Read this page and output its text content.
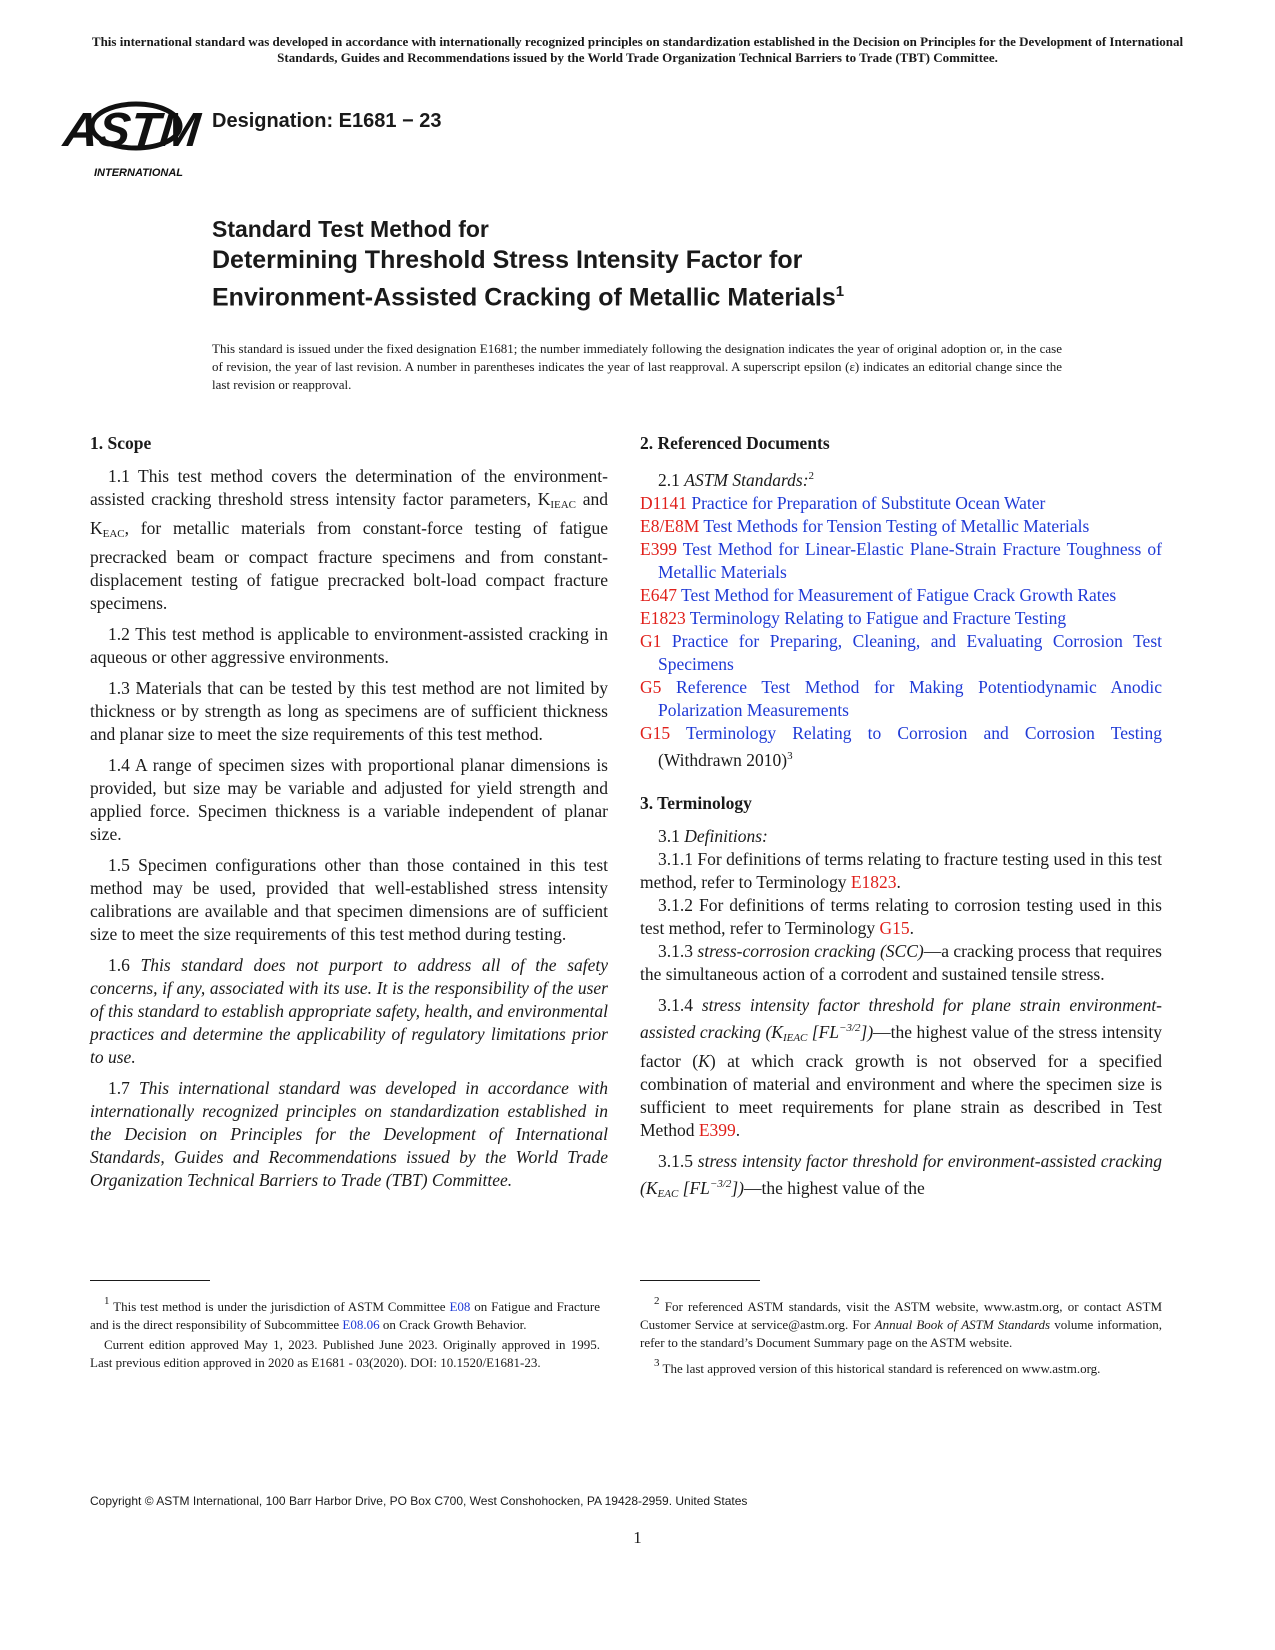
This international standard was developed in accordance with internationally recognized principles on standardization established in the Decision on Principles for the Development of International Standards, Guides and Recommendations issued by the World Trade Organization Technical Barriers to Trade (TBT) Committee.
ASTM
INTERNATIONAL
Designation: E1681 − 23
Standard Test Method for
Determining Threshold Stress Intensity Factor for
Environment-Assisted Cracking of Metallic Materials$^1$
This standard is issued under the fixed designation E1681; the number immediately following the designation indicates the year of original adoption or, in the case of revision, the year of last revision. A number in parentheses indicates the year of last reapproval. A superscript epsilon (ε) indicates an editorial change since the last revision or reapproval.
1. Scope

1.1 This test method covers the determination of the environment-assisted cracking threshold stress intensity factor parameters, $K_{IEAC}$ and $K_{EAC}$, for metallic materials from constant-force testing of fatigue precracked beam or compact fracture specimens and from constant-displacement testing of fatigue precracked bolt-load compact fracture specimens.

1.2 This test method is applicable to environment-assisted cracking in aqueous or other aggressive environments.

1.3 Materials that can be tested by this test method are not limited by thickness or by strength as long as specimens are of sufficient thickness and planar size to meet the size requirements of this test method.

1.4 A range of specimen sizes with proportional planar dimensions is provided, but size may be variable and adjusted for yield strength and applied force. Specimen thickness is a variable independent of planar size.

1.5 Specimen configurations other than those contained in this test method may be used, provided that well-established stress intensity calibrations are available and that specimen dimensions are of sufficient size to meet the size requirements of this test method during testing.

1.6 This standard does not purport to address all of the safety concerns, if any, associated with its use. It is the responsibility of the user of this standard to establish appropriate safety, health, and environmental practices and determine the applicability of regulatory limitations prior to use.

1.7 This international standard was developed in accordance with internationally recognized principles on standardization established in the Decision on Principles for the Development of International Standards, Guides and Recommendations issued by the World Trade Organization Technical Barriers to Trade (TBT) Committee.

2. Referenced Documents

2.1 ASTM Standards:$^2$

D1141 Practice for Preparation of Substitute Ocean Water

E8/E8M Test Methods for Tension Testing of Metallic Materials

E399 Test Method for Linear-Elastic Plane-Strain Fracture Toughness of Metallic Materials

E647 Test Method for Measurement of Fatigue Crack Growth Rates

E1823 Terminology Relating to Fatigue and Fracture Testing

G1 Practice for Preparing, Cleaning, and Evaluating Corrosion Test Specimens

G5 Reference Test Method for Making Potentiodynamic Anodic Polarization Measurements

G15 Terminology Relating to Corrosion and Corrosion Testing (Withdrawn 2010)$^3$

3. Terminology

3.1 Definitions:

3.1.1 For definitions of terms relating to fracture testing used in this test method, refer to Terminology E1823.

3.1.2 For definitions of terms relating to corrosion testing used in this test method, refer to Terminology G15.

3.1.3 stress-corrosion cracking (SCC)—a cracking process that requires the simultaneous action of a corrodent and sustained tensile stress.

3.1.4 stress intensity factor threshold for plane strain environment-assisted cracking ($K_{IEAC}$ $[FL^{-3/2}])—the$ highest value of the stress intensity factor (K) at which crack growth is not observed for a specified combination of material and environment and where the specimen size is sufficient to meet requirements for plane strain as described in Test Method E399.

3.1.5 stress intensity factor threshold for environment-assisted cracking ($K_{EAC}$ $[FL^{-3/2}])—the$ highest value of the

$^1$ This test method is under the jurisdiction of ASTM Committee E08 on Fatigue and Fracture and is the direct responsibility of Subcommittee E08.06 on Crack Growth Behavior.

Current edition approved May 1, 2023. Published June 2023. Originally approved in 1995. Last previous edition approved in 2020 as E1681 - 03(2020). DOI: 10.1520/E1681-23.

$^2$ For referenced ASTM standards, visit the ASTM website, www.astm.org, or contact ASTM Customer Service at service@astm.org. For Annual Book of ASTM Standards volume information, refer to the standard’s Document Summary page on the ASTM website.

$^3$ The last approved version of this historical standard is referenced on www.astm.org.

Copyright © ASTM International, 100 Barr Harbor Drive, PO Box C700, West Conshohocken, PA 19428-2959. United States
1
